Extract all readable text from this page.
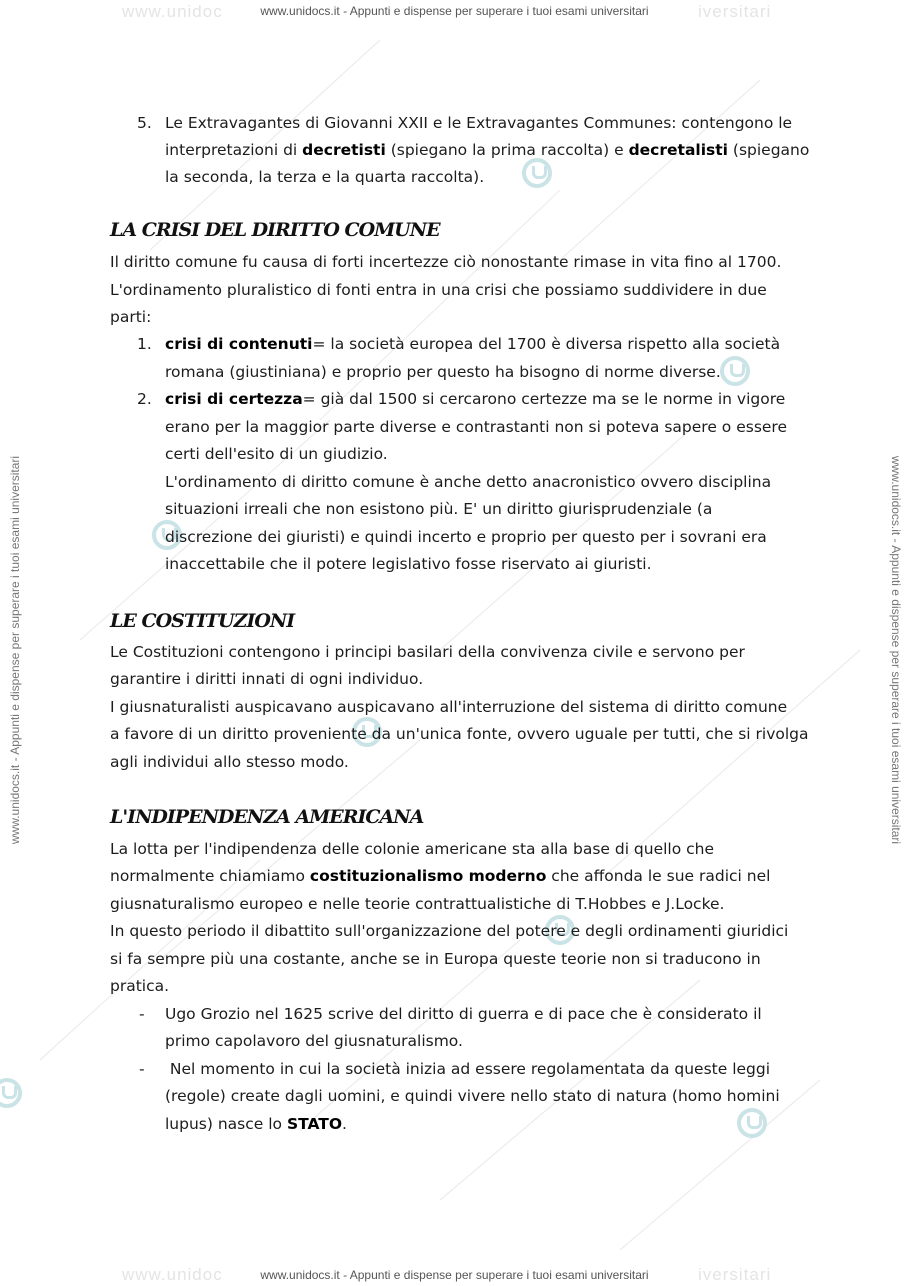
www.unidoc	iversitari
www.unidoc	iversitari
www.unidocs.it - Appunti e dispense per superare i tuoi esami universitari
www.unidocs.it - Appunti e dispense per superare i tuoi esami universitari
www.unidocs.it - Appunti e dispense per superare i tuoi esami universitari	www.unidocs.it - Appunti e dispense per superare i tuoi esami universitari
5. Le Extravagantes di Giovanni XXII e le Extravagantes Communes: contengono le

interpretazioni di decretisti (spiegano la prima raccolta) e decretalisti (spiegano

la seconda, la terza e la quarta raccolta).

LA CRISI DEL DIRITTO COMUNE

Il diritto comune fu causa di forti incertezze ciò nonostante rimase in vita fino al 1700.

L'ordinamento pluralistico di fonti entra in una crisi che possiamo suddividere in due

parti:

1. crisi di contenuti= la società europea del 1700 è diversa rispetto alla società

romana (giustiniana) e proprio per questo ha bisogno di norme diverse.

2. crisi di certezza= già dal 1500 si cercarono certezze ma se le norme in vigore

erano per la maggior parte diverse e contrastanti non si poteva sapere o essere

certi dell'esito di un giudizio.

L'ordinamento di diritto comune è anche detto anacronistico ovvero disciplina

situazioni irreali che non esistono più. E' un diritto giurisprudenziale (a

discrezione dei giuristi) e quindi incerto e proprio per questo per i sovrani era

inaccettabile che il potere legislativo fosse riservato ai giuristi.

LE COSTITUZIONI

Le Costituzioni contengono i principi basilari della convivenza civile e servono per

garantire i diritti innati di ogni individuo.

I giusnaturalisti auspicavano auspicavano all'interruzione del sistema di diritto comune

a favore di un diritto proveniente da un'unica fonte, ovvero uguale per tutti, che si rivolga

agli individui allo stesso modo.

L'INDIPENDENZA AMERICANA

La lotta per l'indipendenza delle colonie americane sta alla base di quello che

normalmente chiamiamo costituzionalismo moderno che affonda le sue radici nel

giusnaturalismo europeo e nelle teorie contrattualistiche di T.Hobbes e J.Locke.

In questo periodo il dibattito sull'organizzazione del potere e degli ordinamenti giuridici

si fa sempre più una costante, anche se in Europa queste teorie non si traducono in

pratica.

- Ugo Grozio nel 1625 scrive del diritto di guerra e di pace che è considerato il

primo capolavoro del giusnaturalismo.

- Nel momento in cui la società inizia ad essere regolamentata da queste leggi

(regole) create dagli uomini, e quindi vivere nello stato di natura (homo homini

lupus) nasce lo STATO.
